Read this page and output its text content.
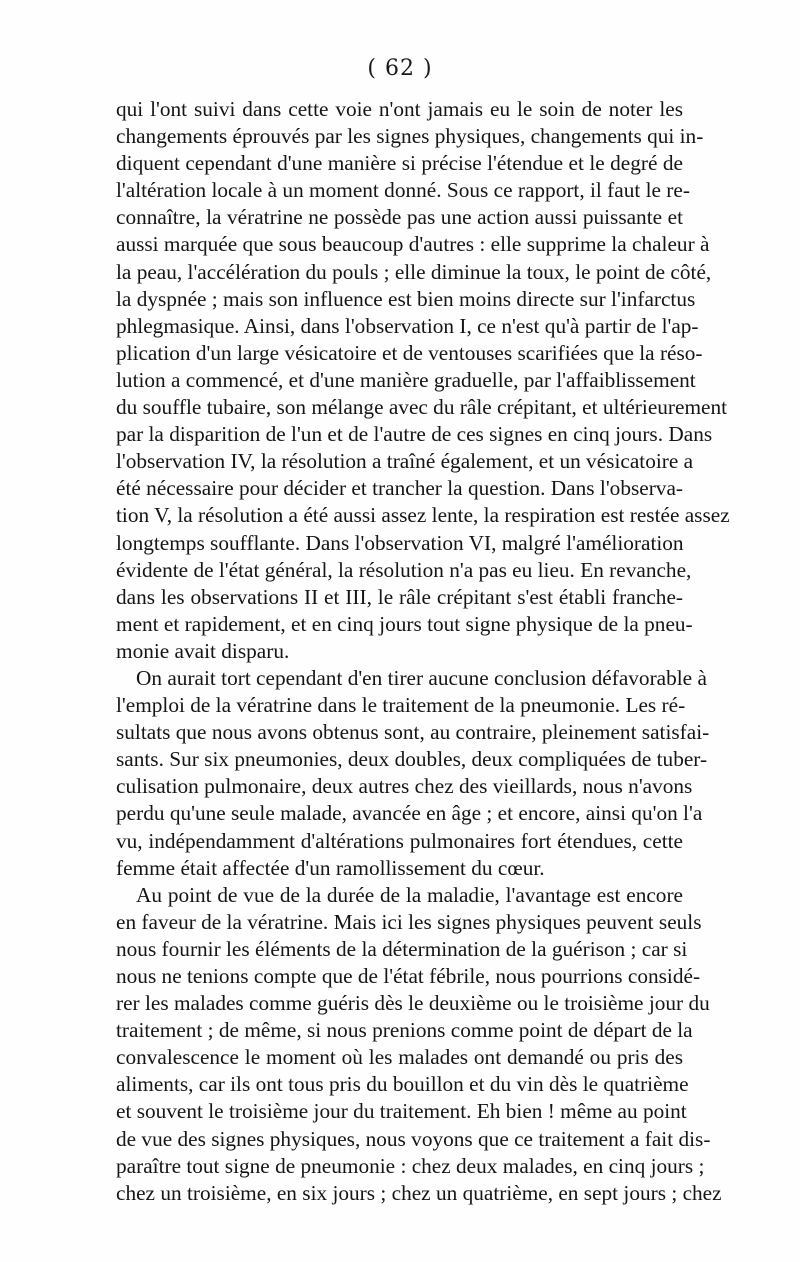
( 62 )
qui l'ont suivi dans cette voie n'ont jamais eu le soin de noter les
changements éprouvés par les signes physiques, changements qui in-
diquent cependant d'une manière si précise l'étendue et le degré de
l'altération locale à un moment donné. Sous ce rapport, il faut le re-
connaître, la vératrine ne possède pas une action aussi puissante et
aussi marquée que sous beaucoup d'autres : elle supprime la chaleur à
la peau, l'accélération du pouls ; elle diminue la toux, le point de côté,
la dyspnée ; mais son influence est bien moins directe sur l'infarctus
phlegmasique. Ainsi, dans l'observation I, ce n'est qu'à partir de l'ap-
plication d'un large vésicatoire et de ventouses scarifiées que la réso-
lution a commencé, et d'une manière graduelle, par l'affaiblissement
du souffle tubaire, son mélange avec du râle crépitant, et ultérieurement
par la disparition de l'un et de l'autre de ces signes en cinq jours. Dans
l'observation IV, la résolution a traîné également, et un vésicatoire a
été nécessaire pour décider et trancher la question. Dans l'observa-
tion V, la résolution a été aussi assez lente, la respiration est restée assez
longtemps soufflante. Dans l'observation VI, malgré l'amélioration
évidente de l'état général, la résolution n'a pas eu lieu. En revanche,
dans les observations II et III, le râle crépitant s'est établi franche-
ment et rapidement, et en cinq jours tout signe physique de la pneu-
monie avait disparu.
On aurait tort cependant d'en tirer aucune conclusion défavorable à
l'emploi de la vératrine dans le traitement de la pneumonie. Les ré-
sultats que nous avons obtenus sont, au contraire, pleinement satisfai-
sants. Sur six pneumonies, deux doubles, deux compliquées de tuber-
culisation pulmonaire, deux autres chez des vieillards, nous n'avons
perdu qu'une seule malade, avancée en âge ; et encore, ainsi qu'on l'a
vu, indépendamment d'altérations pulmonaires fort étendues, cette
femme était affectée d'un ramollissement du cœur.
Au point de vue de la durée de la maladie, l'avantage est encore
en faveur de la vératrine. Mais ici les signes physiques peuvent seuls
nous fournir les éléments de la détermination de la guérison ; car si
nous ne tenions compte que de l'état fébrile, nous pourrions considé-
rer les malades comme guéris dès le deuxième ou le troisième jour du
traitement ; de même, si nous prenions comme point de départ de la
convalescence le moment où les malades ont demandé ou pris des
aliments, car ils ont tous pris du bouillon et du vin dès le quatrième
et souvent le troisième jour du traitement. Eh bien ! même au point
de vue des signes physiques, nous voyons que ce traitement a fait dis-
paraître tout signe de pneumonie : chez deux malades, en cinq jours ;
chez un troisième, en six jours ; chez un quatrième, en sept jours ; chez
